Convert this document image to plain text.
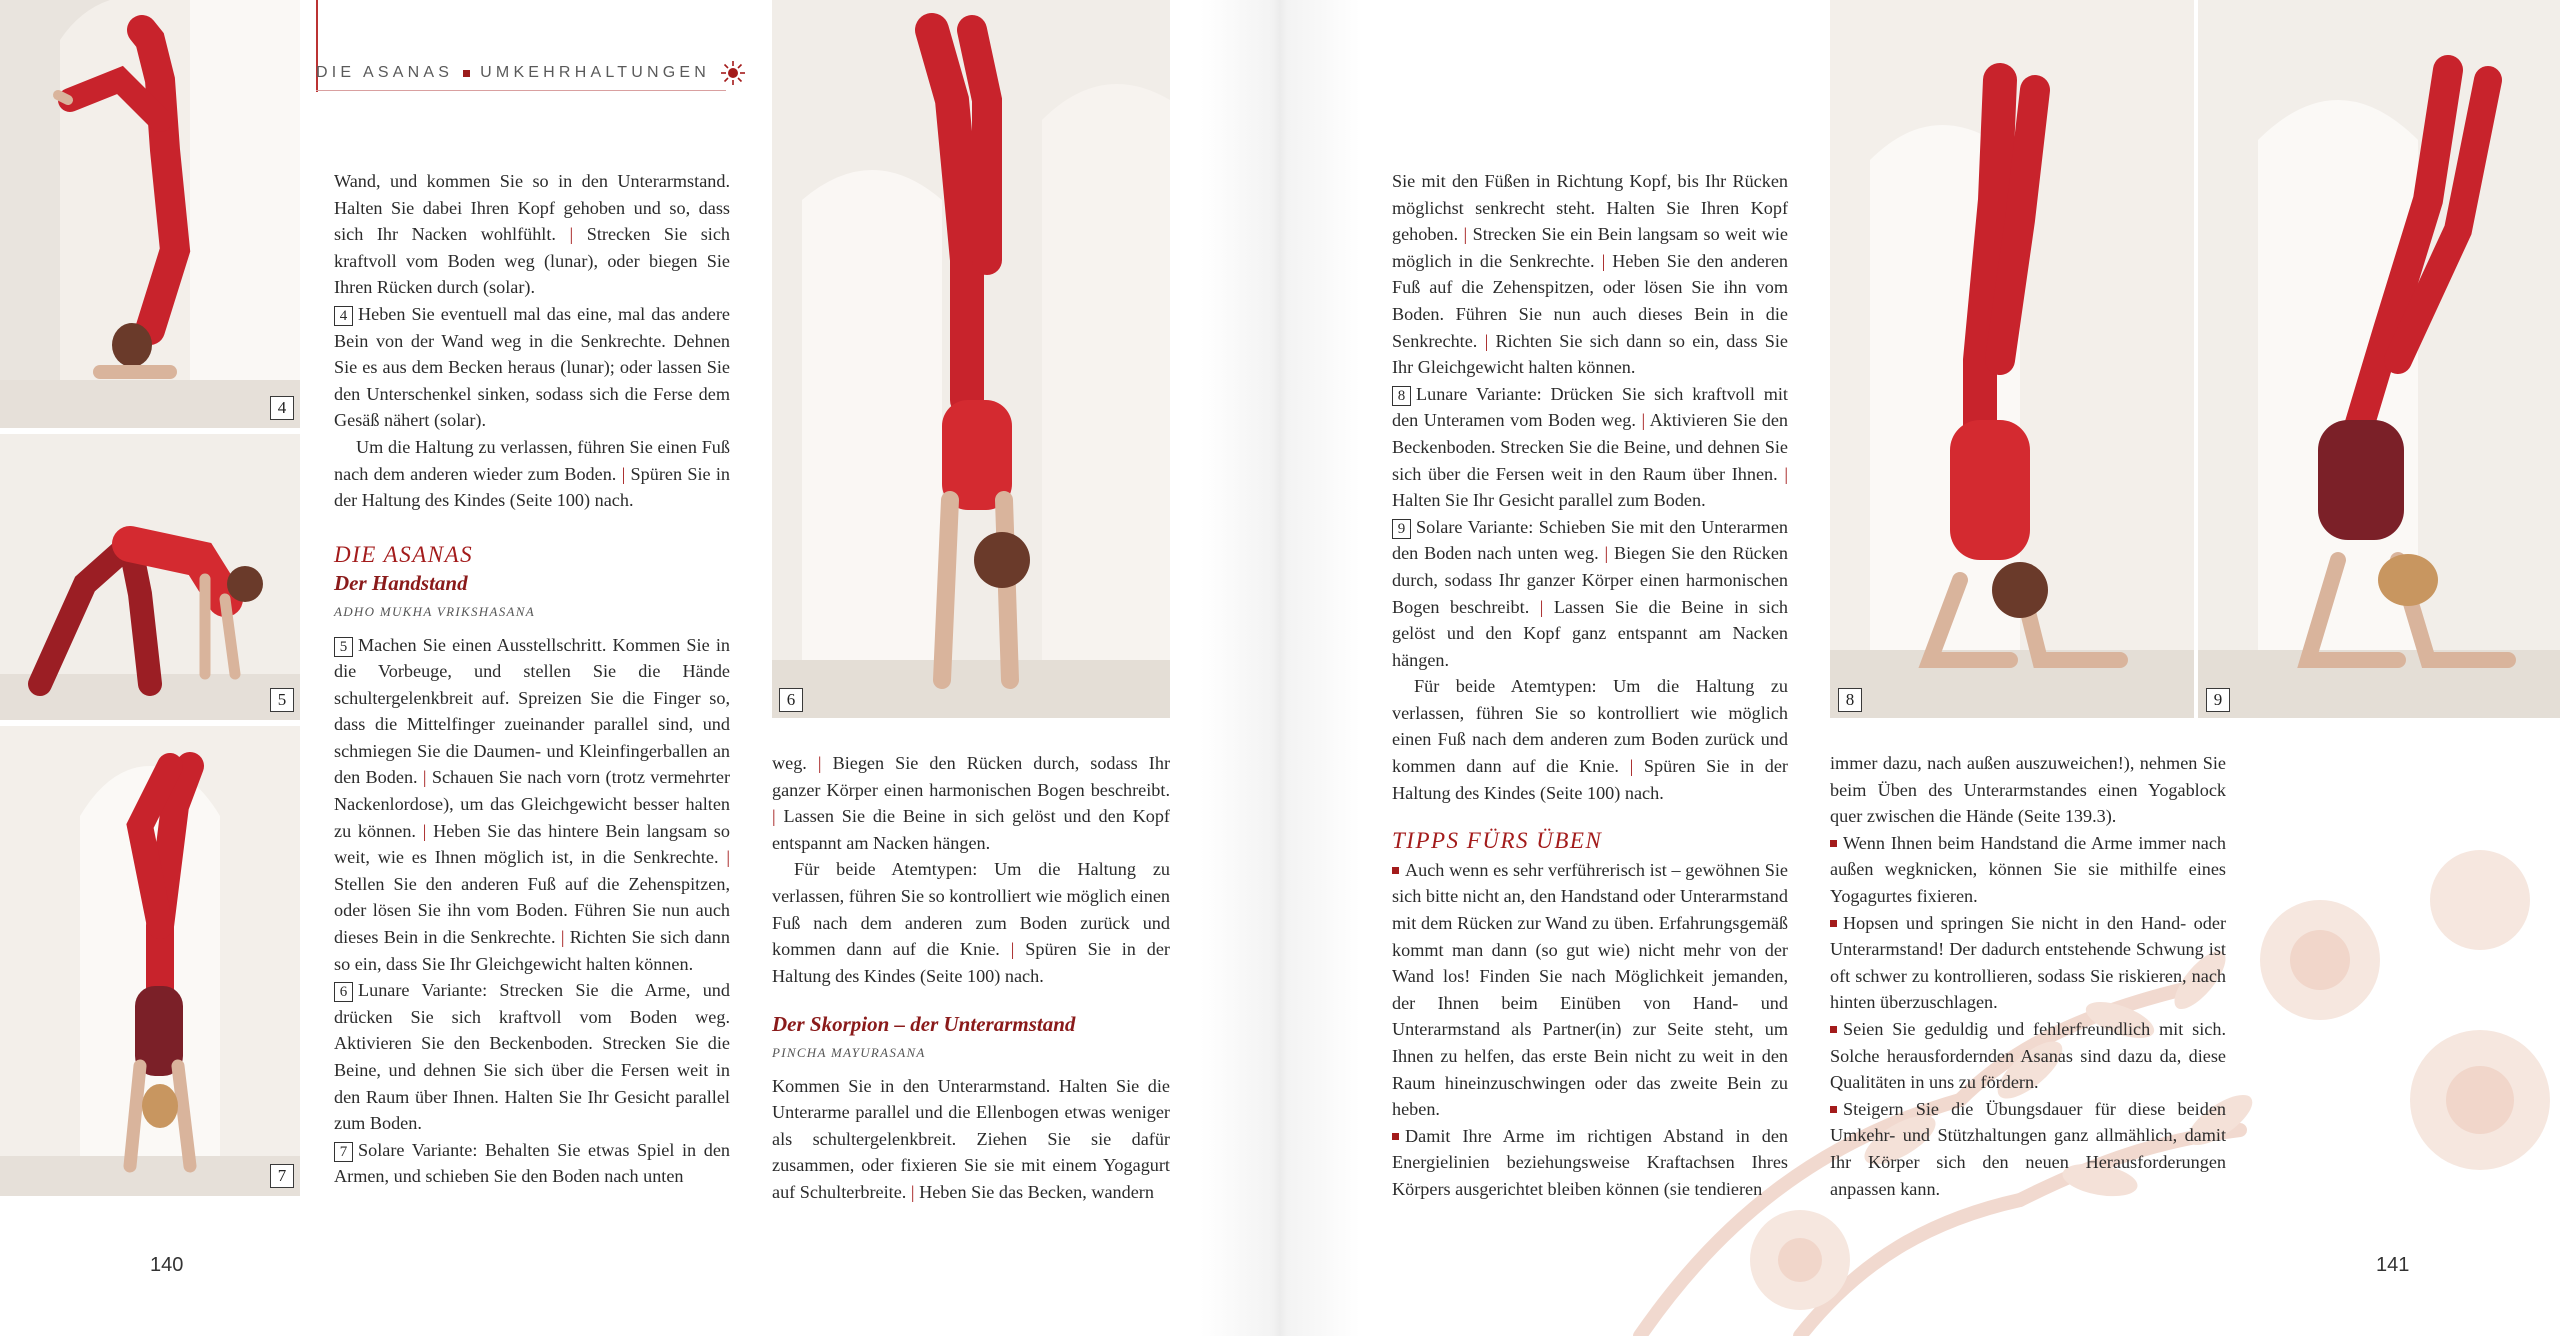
4
5
7
6
DIE ASANAS UMKEHRHALTUNGEN

Wand, und kommen Sie so in den Unterarmstand. Halten Sie dabei Ihren Kopf gehoben und so, dass sich Ihr Nacken wohlfühlt. | Strecken Sie sich kraftvoll vom Boden weg (lunar), oder biegen Sie Ihren Rücken durch (solar).

4 Heben Sie eventuell mal das eine, mal das andere Bein von der Wand weg in die Senkrechte. Dehnen Sie es aus dem Becken heraus (lunar); oder lassen Sie den Unterschenkel sinken, sodass sich die Ferse dem Gesäß nähert (solar).

Um die Haltung zu verlassen, führen Sie einen Fuß nach dem anderen wieder zum Boden. | Spüren Sie in der Haltung des Kindes (Seite 100) nach.

DIE ASANAS
Der Handstand
ADHO MUKHA VRIKSHASANA

5 Machen Sie einen Ausstellschritt. Kommen Sie in die Vorbeuge, und stellen Sie die Hände schultergelenkbreit auf. Spreizen Sie die Finger so, dass die Mittelfinger zueinander parallel sind, und schmiegen Sie die Daumen- und Kleinfingerballen an den Boden. | Schauen Sie nach vorn (trotz vermehrter Nackenlordose), um das Gleichgewicht besser halten zu können. | Heben Sie das hintere Bein langsam so weit, wie es Ihnen möglich ist, in die Senkrechte. | Stellen Sie den anderen Fuß auf die Zehenspitzen, oder lösen Sie ihn vom Boden. Führen Sie nun auch dieses Bein in die Senkrechte. | Richten Sie sich dann so ein, dass Sie Ihr Gleichgewicht halten können.

6 Lunare Variante: Strecken Sie die Arme, und drücken Sie sich kraftvoll vom Boden weg. Aktivieren Sie den Beckenboden. Strecken Sie die Beine, und dehnen Sie sich über die Fersen weit in den Raum über Ihnen. Halten Sie Ihr Gesicht parallel zum Boden.

7 Solare Variante: Behalten Sie etwas Spiel in den Armen, und schieben Sie den Boden nach unten

weg. | Biegen Sie den Rücken durch, sodass Ihr ganzer Körper einen harmonischen Bogen beschreibt. | Lassen Sie die Beine in sich gelöst und den Kopf entspannt am Nacken hängen.

Für beide Atemtypen: Um die Haltung zu verlassen, führen Sie so kontrolliert wie möglich einen Fuß nach dem anderen zum Boden zurück und kommen dann auf die Knie. | Spüren Sie in der Haltung des Kindes (Seite 100) nach.

Der Skorpion – der Unterarmstand
PINCHA MAYURASANA

Kommen Sie in den Unterarmstand. Halten Sie die Unterarme parallel und die Ellenbogen etwas weniger als schultergelenkbreit. Ziehen Sie sie dafür zusammen, oder fixieren Sie sie mit einem Yogagurt auf Schulterbreite. | Heben Sie das Becken, wandern

140
8	9

Sie mit den Füßen in Richtung Kopf, bis Ihr Rücken möglichst senkrecht steht. Halten Sie Ihren Kopf gehoben. | Strecken Sie ein Bein langsam so weit wie möglich in die Senkrechte. | Heben Sie den anderen Fuß auf die Zehenspitzen, oder lösen Sie ihn vom Boden. Führen Sie nun auch dieses Bein in die Senkrechte. | Richten Sie sich dann so ein, dass Sie Ihr Gleichgewicht halten können.

8 Lunare Variante: Drücken Sie sich kraftvoll mit den Unteramen vom Boden weg. | Aktivieren Sie den Beckenboden. Strecken Sie die Beine, und dehnen Sie sich über die Fersen weit in den Raum über Ihnen. | Halten Sie Ihr Gesicht parallel zum Boden.

9 Solare Variante: Schieben Sie mit den Unterarmen den Boden nach unten weg. | Biegen Sie den Rücken durch, sodass Ihr ganzer Körper einen harmonischen Bogen beschreibt. | Lassen Sie die Beine in sich gelöst und den Kopf ganz entspannt am Nacken hängen.

Für beide Atemtypen: Um die Haltung zu verlassen, führen Sie so kontrolliert wie möglich einen Fuß nach dem anderen zum Boden zurück und kommen dann auf die Knie. | Spüren Sie in der Haltung des Kindes (Seite 100) nach.

TIPPS FÜRS ÜBEN

Auch wenn es sehr verführerisch ist – gewöhnen Sie sich bitte nicht an, den Handstand oder Unterarmstand mit dem Rücken zur Wand zu üben. Erfahrungsgemäß kommt man dann (so gut wie) nicht mehr von der Wand los! Finden Sie nach Möglichkeit jemanden, der Ihnen beim Einüben von Hand- und Unterarmstand als Partner(in) zur Seite steht, um Ihnen zu helfen, das erste Bein nicht zu weit in den Raum hineinzuschwingen oder das zweite Bein zu heben.

Damit Ihre Arme im richtigen Abstand in den Energielinien beziehungsweise Kraftachsen Ihres Körpers ausgerichtet bleiben können (sie tendieren

immer dazu, nach außen auszuweichen!), nehmen Sie beim Üben des Unterarmstandes einen Yogablock quer zwischen die Hände (Seite 139.3).

Wenn Ihnen beim Handstand die Arme immer nach außen wegknicken, können Sie sie mithilfe eines Yogagurtes fixieren.

Hopsen und springen Sie nicht in den Hand- oder Unterarmstand! Der dadurch entstehende Schwung ist oft schwer zu kontrollieren, sodass Sie riskieren, nach hinten überzuschlagen.

Seien Sie geduldig und fehlerfreundlich mit sich. Solche herausfordernden Asanas sind dazu da, diese Qualitäten in uns zu fördern.

Steigern Sie die Übungsdauer für diese beiden Umkehr- und Stützhaltungen ganz allmählich, damit Ihr Körper sich den neuen Herausforderungen anpassen kann.

141
